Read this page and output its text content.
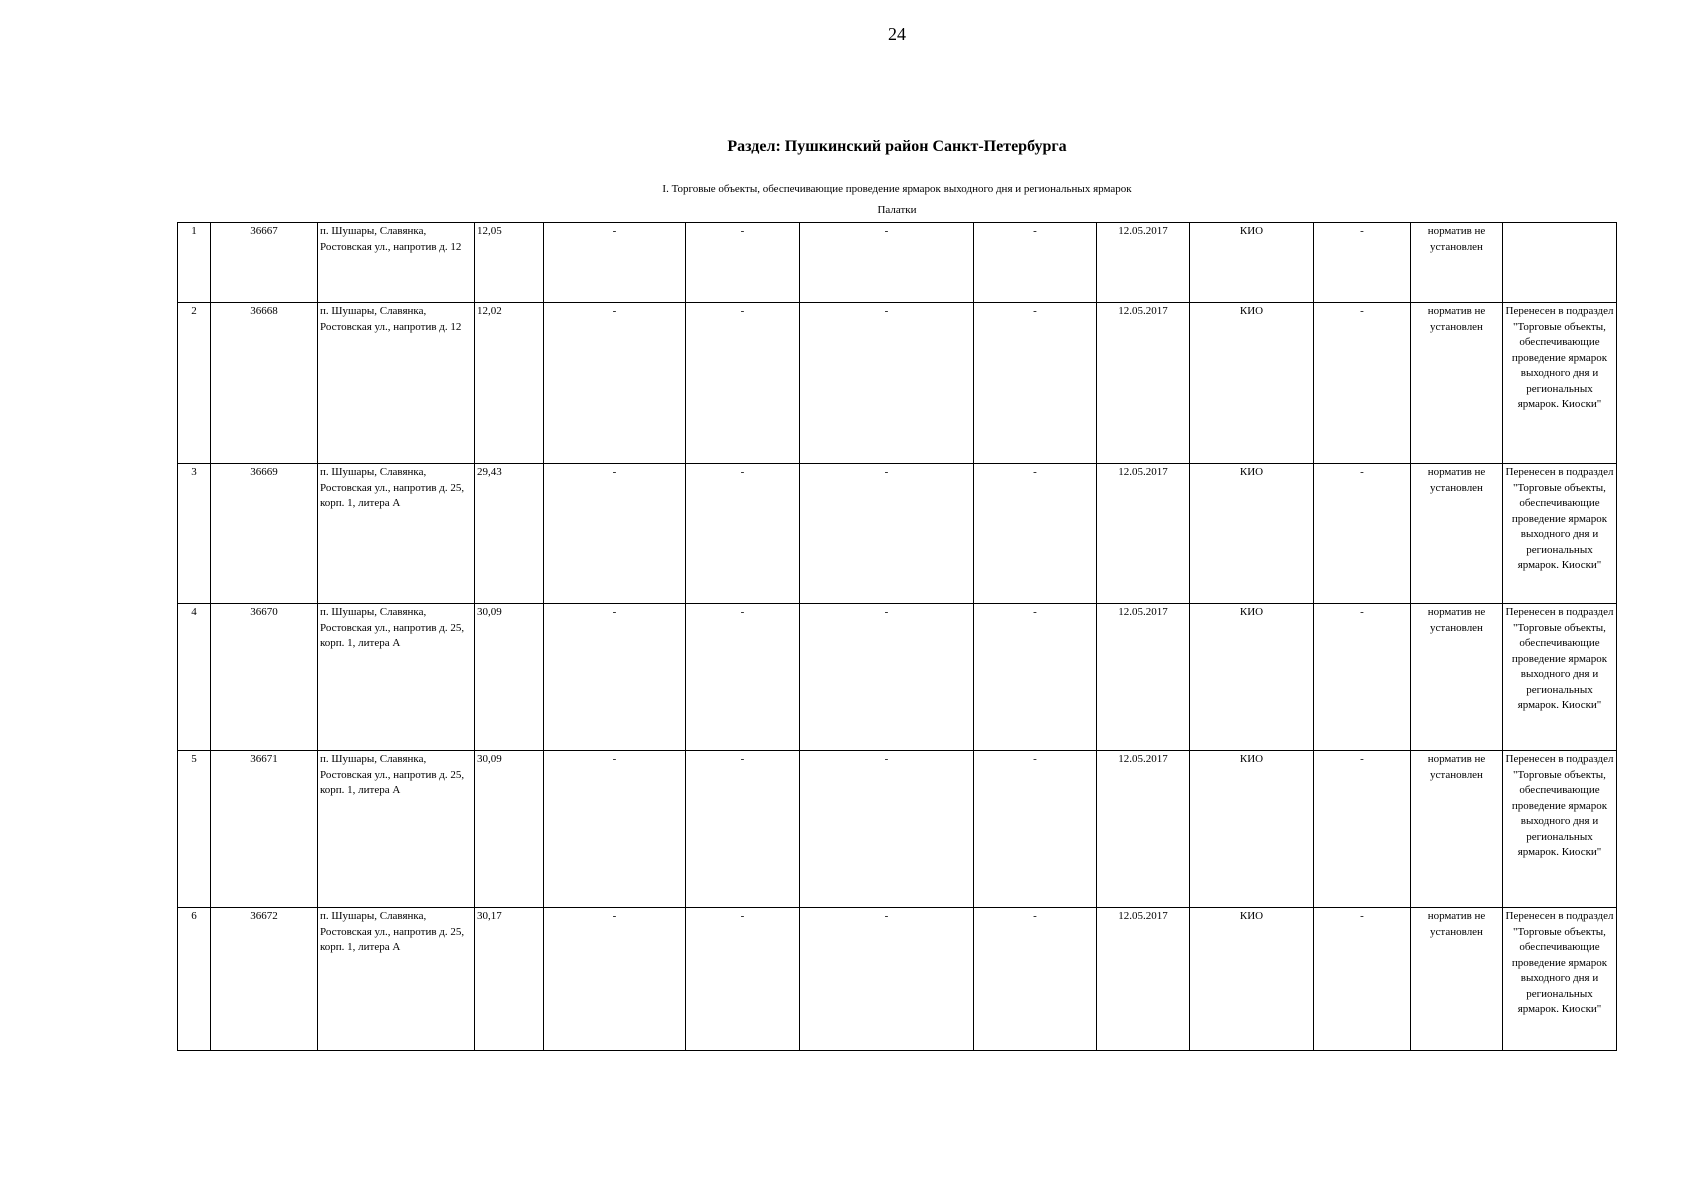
24
Раздел: Пушкинский район Санкт-Петербурга
I. Торговые объекты, обеспечивающие проведение ярмарок выходного дня и региональных ярмарок
Палатки
1	36667	п. Шушары, Славянка, Ростовская ул., напротив д. 12	12,05	-	-	-	-	12.05.2017	КИО	-	норматив не установлен	
2	36668	п. Шушары, Славянка, Ростовская ул., напротив д. 12	12,02	-	-	-	-	12.05.2017	КИО	-	норматив не установлен	Перенесен в подраздел "Торговые объекты, обеспечивающие проведение ярмарок выходного дня и региональных ярмарок. Киоски"
3	36669	п. Шушары, Славянка, Ростовская ул., напротив д. 25, корп. 1, литера А	29,43	-	-	-	-	12.05.2017	КИО	-	норматив не установлен	Перенесен в подраздел "Торговые объекты, обеспечивающие проведение ярмарок выходного дня и региональных ярмарок. Киоски"
4	36670	п. Шушары, Славянка, Ростовская ул., напротив д. 25, корп. 1, литера А	30,09	-	-	-	-	12.05.2017	КИО	-	норматив не установлен	Перенесен в подраздел "Торговые объекты, обеспечивающие проведение ярмарок выходного дня и региональных ярмарок. Киоски"
5	36671	п. Шушары, Славянка, Ростовская ул., напротив д. 25, корп. 1, литера А	30,09	-	-	-	-	12.05.2017	КИО	-	норматив не установлен	Перенесен в подраздел "Торговые объекты, обеспечивающие проведение ярмарок выходного дня и региональных ярмарок. Киоски"
6	36672	п. Шушары, Славянка, Ростовская ул., напротив д. 25, корп. 1, литера А	30,17	-	-	-	-	12.05.2017	КИО	-	норматив не установлен	Перенесен в подраздел "Торговые объекты, обеспечивающие проведение ярмарок выходного дня и региональных ярмарок. Киоски"
